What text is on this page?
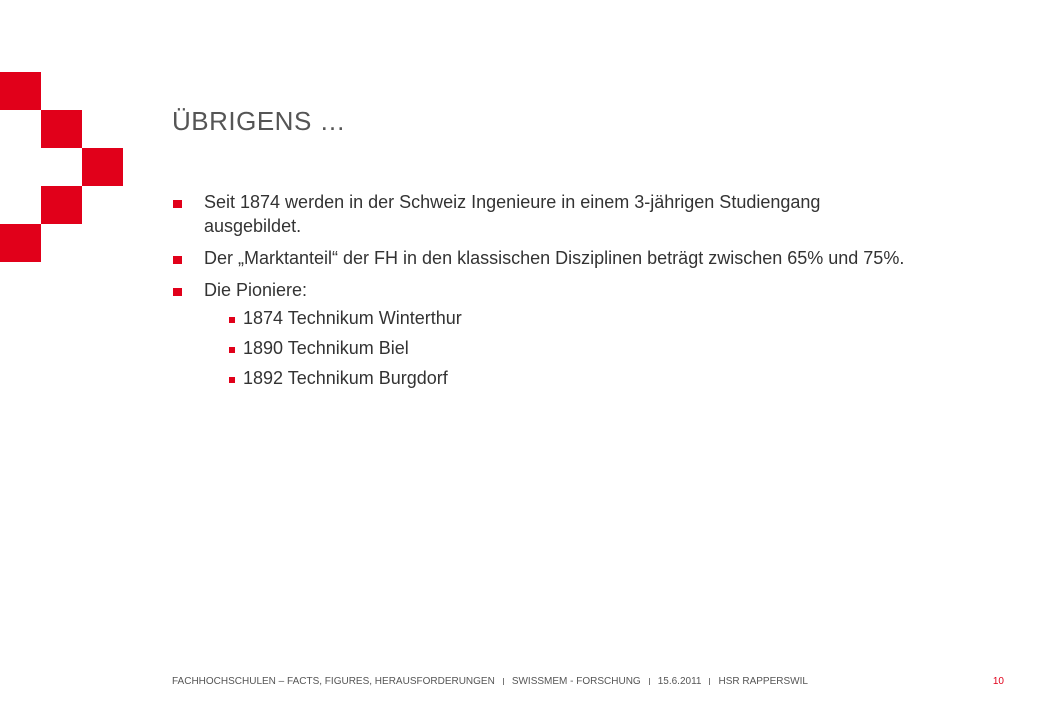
ÜBRIGENS …
Seit 1874 werden in der Schweiz Ingenieure in einem 3-jährigen Studiengang ausgebildet.
Der „Marktanteil“ der FH in den klassischen Disziplinen beträgt zwischen 65% und 75%.
Die Pioniere:
1874 Technikum Winterthur
1890 Technikum Biel
1892 Technikum Burgdorf
FACHHOCHSCHULEN – FACTS, FIGURES, HERAUSFORDERUNGEN SWISSMEM - FORSCHUNG 15.6.2011 HSR RAPPERSWIL	10
